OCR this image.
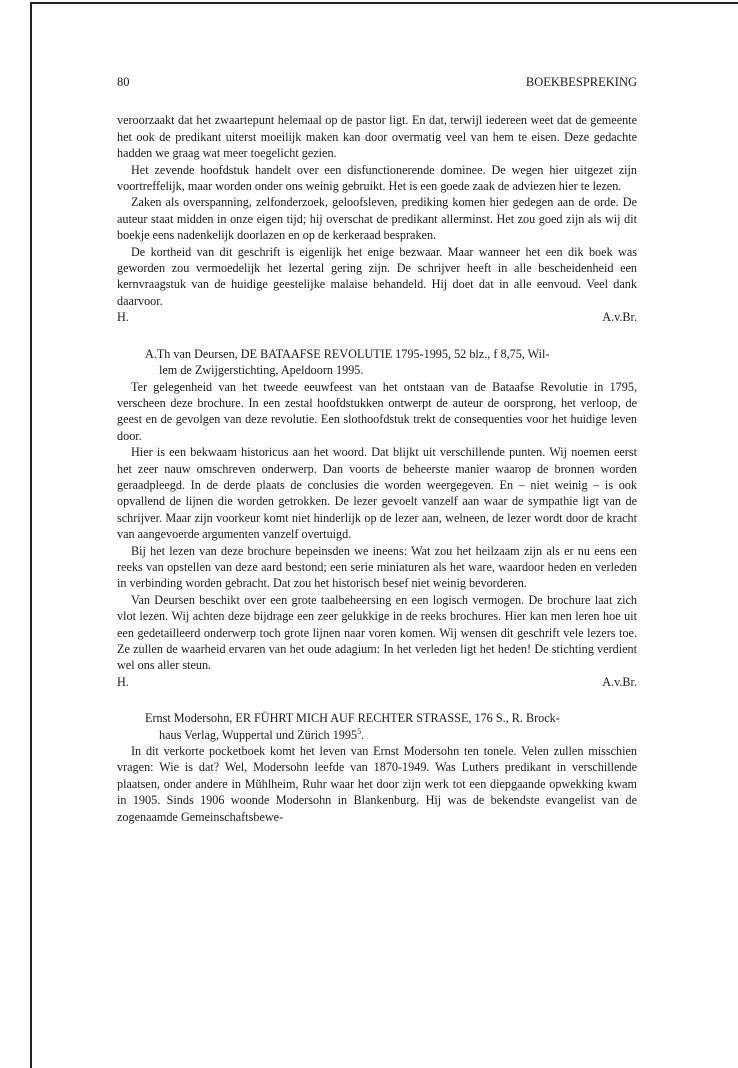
80	BOEKBESPREKING

veroorzaakt dat het zwaartepunt helemaal op de pastor ligt. En dat, terwijl iedereen weet dat de gemeente het ook de predikant uiterst moeilijk maken kan door overmatig veel van hem te eisen. Deze gedachte hadden we graag wat meer toegelicht gezien.

Het zevende hoofdstuk handelt over een disfunctionerende dominee. De wegen hier uitgezet zijn voortreffelijk, maar worden onder ons weinig gebruikt. Het is een goede zaak de adviezen hier te lezen.

Zaken als overspanning, zelfonderzoek, geloofsleven, prediking komen hier gedegen aan de orde. De auteur staat midden in onze eigen tijd; hij overschat de predikant allerminst. Het zou goed zijn als wij dit boekje eens nadenkelijk doorlazen en op de kerkeraad bespraken.

De kortheid van dit geschrift is eigenlijk het enige bezwaar. Maar wanneer het een dik boek was geworden zou vermoedelijk het lezertal gering zijn. De schrijver heeft in alle bescheidenheid een kernvraagstuk van de huidige geestelijke malaise behandeld. Hij doet dat in alle eenvoud. Veel dank daarvoor.

H.	A.v.Br.

A.Th van Deursen, DE BATAAFSE REVOLUTIE 1795-1995, 52 blz., f 8,75, Wil-
lem de Zwijgerstichting, Apeldoorn 1995.

Ter gelegenheid van het tweede eeuwfeest van het ontstaan van de Bataafse Revolutie in 1795, verscheen deze brochure. In een zestal hoofdstukken ontwerpt de auteur de oorsprong, het verloop, de geest en de gevolgen van deze revolutie. Een slothoofdstuk trekt de consequenties voor het huidige leven door.

Hier is een bekwaam historicus aan het woord. Dat blijkt uit verschillende punten. Wij noemen eerst het zeer nauw omschreven onderwerp. Dan voorts de beheerste manier waarop de bronnen worden geraadpleegd. In de derde plaats de conclusies die worden weergegeven. En – niet weinig – is ook opvallend de lijnen die worden getrokken. De lezer gevoelt vanzelf aan waar de sympathie ligt van de schrijver. Maar zijn voorkeur komt niet hinderlijk op de lezer aan, welneen, de lezer wordt door de kracht van aangevoerde argumenten vanzelf overtuigd.

Bij het lezen van deze brochure bepeinsden we ineens: Wat zou het heilzaam zijn als er nu eens een reeks van opstellen van deze aard bestond; een serie miniaturen als het ware, waardoor heden en verleden in verbinding worden gebracht. Dat zou het historisch besef niet weinig bevorderen.

Van Deursen beschikt over een grote taalbeheersing en een logisch vermogen. De brochure laat zich vlot lezen. Wij achten deze bijdrage een zeer gelukkige in de reeks brochures. Hier kan men leren hoe uit een gedetailleerd onderwerp toch grote lijnen naar voren komen. Wij wensen dit geschrift vele lezers toe. Ze zullen de waarheid ervaren van het oude adagium: In het verleden ligt het heden! De stichting verdient wel ons aller steun.

H.	A.v.Br.

Ernst Modersohn, ER FÜHRT MICH AUF RECHTER STRASSE, 176 S., R. Brock-
haus Verlag, Wuppertal und Zürich 1995$^5$.

In dit verkorte pocketboek komt het leven van Ernst Modersohn ten tonele. Velen zullen misschien vragen: Wie is dat? Wel, Modersohn leefde van 1870-1949. Was Luthers predikant in verschillende plaatsen, onder andere in Mühlheim, Ruhr waar het door zijn werk tot een diepgaande opwekking kwam in 1905. Sinds 1906 woonde Modersohn in Blankenburg. Hij was de bekendste evangelist van de zogenaamde Gemeinschaftsbewe-
